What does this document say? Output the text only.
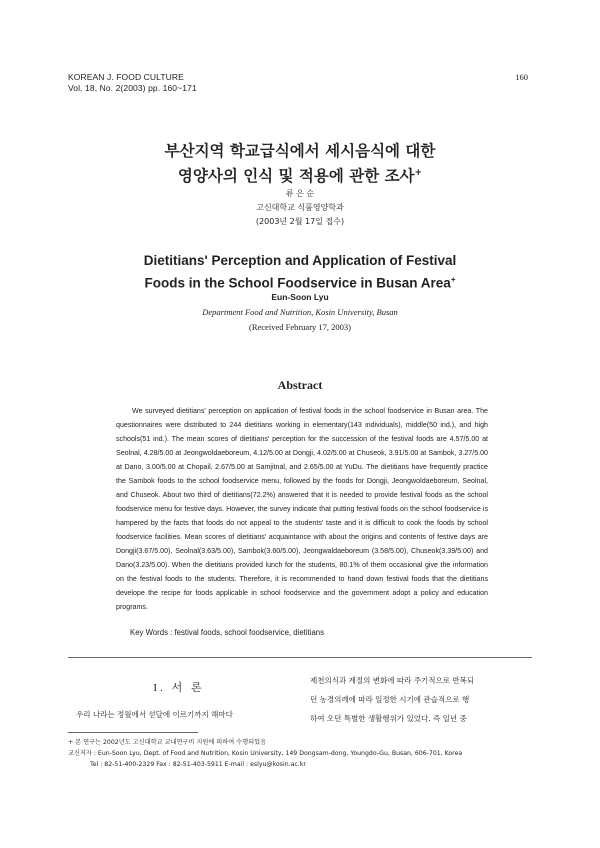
KOREAN J. FOOD CULTURE
Vol. 18, No. 2(2003) pp. 160~171
160
부산지역 학교급식에서 세시음식에 대한
영양사의 인식 및 적용에 관한 조사+
류 은 순
고신대학교 식품영양학과
(2003년 2월 17일 접수)
Dietitians' Perception and Application of Festival
Foods in the School Foodservice in Busan Area+
Eun-Soon Lyu
Department Food and Nutrition, Kosin University, Busan
(Received February 17, 2003)
Abstract

We surveyed dietitians' perception on application of festival foods in the school foodservice in Busan area. The questionnaires were distributed to 244 dietitians working in elementary(143 individuals), middle(50 ind.), and high schools(51 ind.). The mean scores of dietitians' perception for the succession of the festival foods are 4.57/5.00 at Seolnal, 4.28/5.00 at Jeongwoldaeboreum, 4.12/5.00 at Dongji, 4.02/5.00 at Chuseok, 3.91/5.00 at Sambok, 3.27/5.00 at Dano, 3.00/5.00 at Chopail, 2.67/5.00 at Samjitnal, and 2.65/5.00 at YuDu. The dietitians have frequently practice the Sambok foods to the school foodservice menu, followed by the foods for Dongji, Jeongwoldaeboreum, Seolnal, and Chuseok. About two third of dietitians(72.2%) answered that it is needed to provide festival foods as the school foodservice menu for festive days. However, the survey indicate that putting festival foods on the school foodservice is hampered by the facts that foods do not appeal to the students' taste and it is difficult to cook the foods by school foodservice facilities. Mean scores of dietitians' acquaintance with about the origins and contents of festive days are Dongji(3.67/5.00), Seolnal(3.63/5.00), Sambok(3.60/5.00), Jeongwaldaeboreum (3.58/5.00), Chuseok(3.39/5.00) and Dano(3.23/5.00). When the dietitians provided lunch for the students, 80.1% of them occasional give the information on the festival foods to the students. Therefore, it is recommended to hand down festival foods that the dietitians develope the recipe for foods applicable in school foodservice and the government adopt a policy and education programs.

Key Words : festival foods, school foodservice, dietitians
I. 서 론
우리 나라는 정월에서 섣달에 이르기까지 해마다
제천의식과 계절의 변화에 따라 주기적으로 반복되
던 농경의례에 따라 일정한 시기에 관습적으로 행
하여 오던 특별한 생활행위가 있었다. 즉 일년 중
+ 본 연구는 2002년도 고신대학교 교내연구비 지원에 의하여 수행되었음
교신저자 : Eun-Soon Lyu, Dept. of Food and Nutrition, Kosin University, 149 Dongsam-dong, Youngdo-Gu, Busan, 606-701, Korea
Tel : 82-51-400-2329 Fax : 82-51-403-5911 E-mail : eslyu@kosin.ac.kr
